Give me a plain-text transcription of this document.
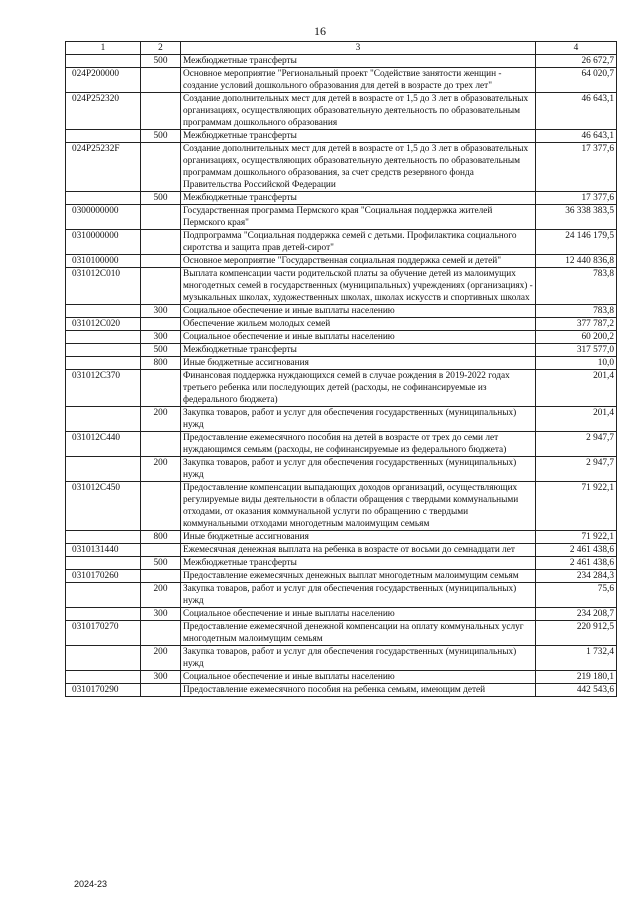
16
1	2	3	4
	500	Межбюджетные трансферты	26 672,7
024P200000		Основное мероприятие "Региональный проект "Содействие занятости женщин - создание условий дошкольного образования для детей в возрасте до трех лет"	64 020,7
024P252320		Создание дополнительных мест для детей в возрасте от 1,5 до 3 лет в образовательных организациях, осуществляющих образовательную деятельность по образовательным программам дошкольного образования	46 643,1
	500	Межбюджетные трансферты	46 643,1
024P25232F		Создание дополнительных мест для детей в возрасте от 1,5 до 3 лет в образовательных организациях, осуществляющих образовательную деятельность по образовательным программам дошкольного образования, за счет средств резервного фонда Правительства Российской Федерации	17 377,6
	500	Межбюджетные трансферты	17 377,6
0300000000		Государственная программа Пермского края "Социальная поддержка жителей Пермского края"	36 338 383,5
0310000000		Подпрограмма "Социальная поддержка семей с детьми. Профилактика социального сиротства и защита прав детей-сирот"	24 146 179,5
0310100000		Основное мероприятие "Государственная социальная поддержка семей и детей"	12 440 836,8
031012С010		Выплата компенсации части родительской платы за обучение детей из малоимущих многодетных семей в государственных (муниципальных) учреждениях (организациях) - музыкальных школах, художественных школах, школах искусств и спортивных школах	783,8
	300	Социальное обеспечение и иные выплаты населению	783,8
031012С020		Обеспечение жильем молодых семей	377 787,2
	300	Социальное обеспечение и иные выплаты населению	60 200,2
	500	Межбюджетные трансферты	317 577,0
	800	Иные бюджетные ассигнования	10,0
031012С370		Финансовая поддержка нуждающихся семей в случае рождения в 2019-2022 годах третьего ребенка или последующих детей (расходы, не софинансируемые из федерального бюджета)	201,4
	200	Закупка товаров, работ и услуг для обеспечения государственных (муниципальных) нужд	201,4
031012С440		Предоставление ежемесячного пособия на детей в возрасте от трех до семи лет нуждающимся семьям (расходы, не софинансируемые из федерального бюджета)	2 947,7
	200	Закупка товаров, работ и услуг для обеспечения государственных (муниципальных) нужд	2 947,7
031012С450		Предоставление компенсации выпадающих доходов организаций, осуществляющих регулируемые виды деятельности в области обращения с твердыми коммунальными отходами, от оказания коммунальной услуги по обращению с твердыми коммунальными отходами многодетным малоимущим семьям	71 922,1
	800	Иные бюджетные ассигнования	71 922,1
0310131440		Ежемесячная денежная выплата на ребенка в возрасте от восьми до семнадцати лет	2 461 438,6
	500	Межбюджетные трансферты	2 461 438,6
0310170260		Предоставление ежемесячных денежных выплат многодетным малоимущим семьям	234 284,3
	200	Закупка товаров, работ и услуг для обеспечения государственных (муниципальных) нужд	75,6
	300	Социальное обеспечение и иные выплаты населению	234 208,7
0310170270		Предоставление ежемесячной денежной компенсации на оплату коммунальных услуг многодетным малоимущим семьям	220 912,5
	200	Закупка товаров, работ и услуг для обеспечения государственных (муниципальных) нужд	1 732,4
	300	Социальное обеспечение и иные выплаты населению	219 180,1
0310170290		Предоставление ежемесячного пособия на ребенка семьям, имеющим детей	442 543,6
2024-23
